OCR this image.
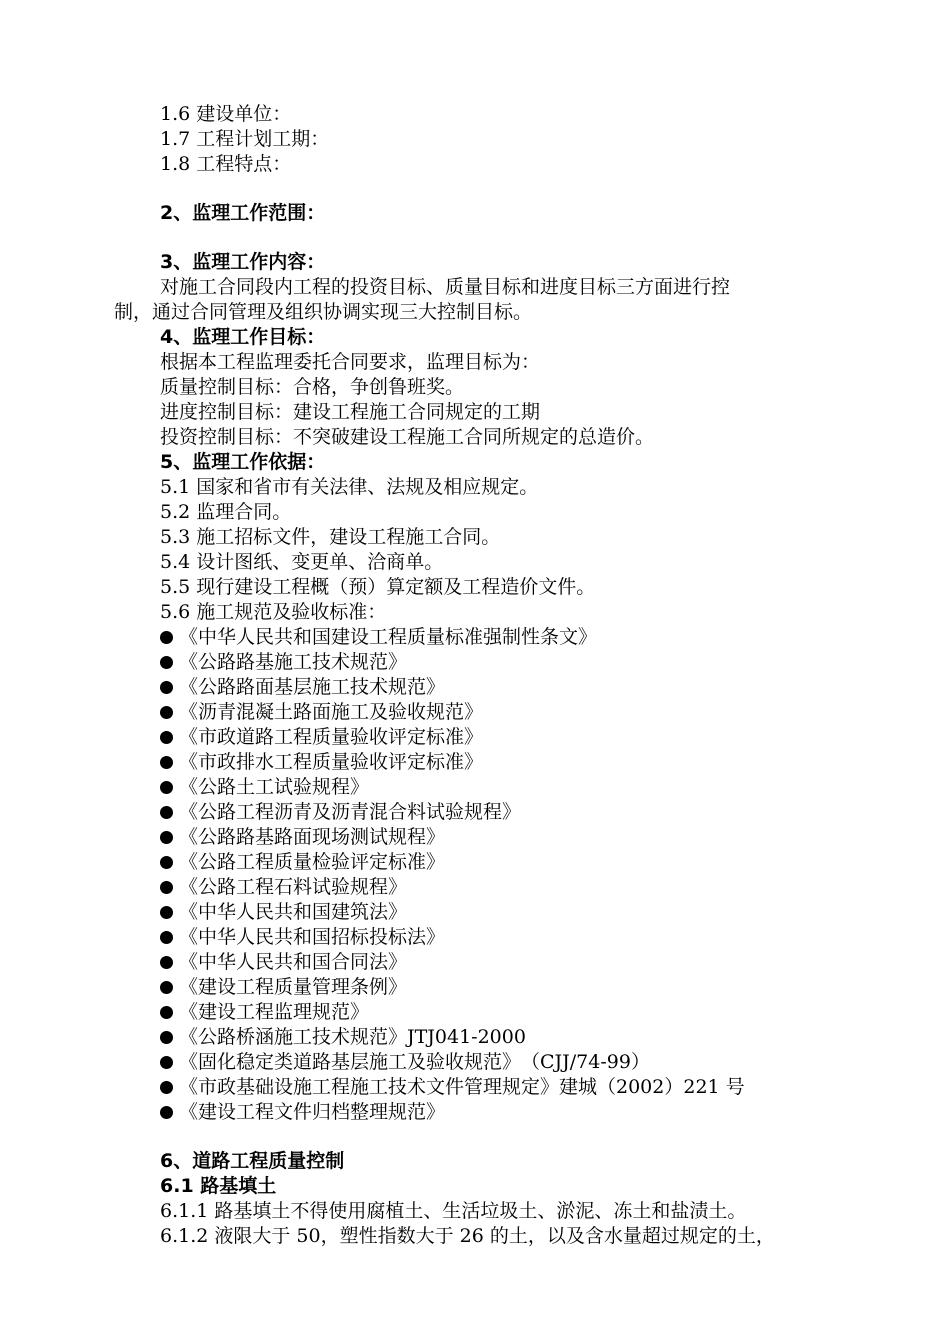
1.6 建设单位：
1.7 工程计划工期：
1.8 工程特点：
2、监理工作范围：
3、监理工作内容：
对施工合同段内工程的投资目标、质量目标和进度目标三方面进行控
制，通过合同管理及组织协调实现三大控制目标。
4、监理工作目标：
根据本工程监理委托合同要求，监理目标为：
质量控制目标：合格，争创鲁班奖。
进度控制目标：建设工程施工合同规定的工期
投资控制目标：不突破建设工程施工合同所规定的总造价。
5、监理工作依据：
5.1 国家和省市有关法律、法规及相应规定。
5.2 监理合同。
5.3 施工招标文件，建设工程施工合同。
5.4 设计图纸、变更单、洽商单。
5.5 现行建设工程概（预）算定额及工程造价文件。
5.6 施工规范及验收标准：
《中华人民共和国建设工程质量标准强制性条文》
《公路路基施工技术规范》
《公路路面基层施工技术规范》
《沥青混凝土路面施工及验收规范》
《市政道路工程质量验收评定标准》
《市政排水工程质量验收评定标准》
《公路土工试验规程》
《公路工程沥青及沥青混合料试验规程》
《公路路基路面现场测试规程》
《公路工程质量检验评定标准》
《公路工程石料试验规程》
《中华人民共和国建筑法》
《中华人民共和国招标投标法》
《中华人民共和国合同法》
《建设工程质量管理条例》
《建设工程监理规范》
《公路桥涵施工技术规范》JTJ041-2000
《固化稳定类道路基层施工及验收规范》　（CJJ/74-99）
《市政基础设施工程施工技术文件管理规定》建城（2002）221 号
《建设工程文件归档整理规范》
6、道路工程质量控制
6.1 路基填土
6.1.1 路基填土不得使用腐植土、生活垃圾土、淤泥、冻土和盐渍土。
6.1.2 液限大于 50，塑性指数大于 26 的土，以及含水量超过规定的土，
